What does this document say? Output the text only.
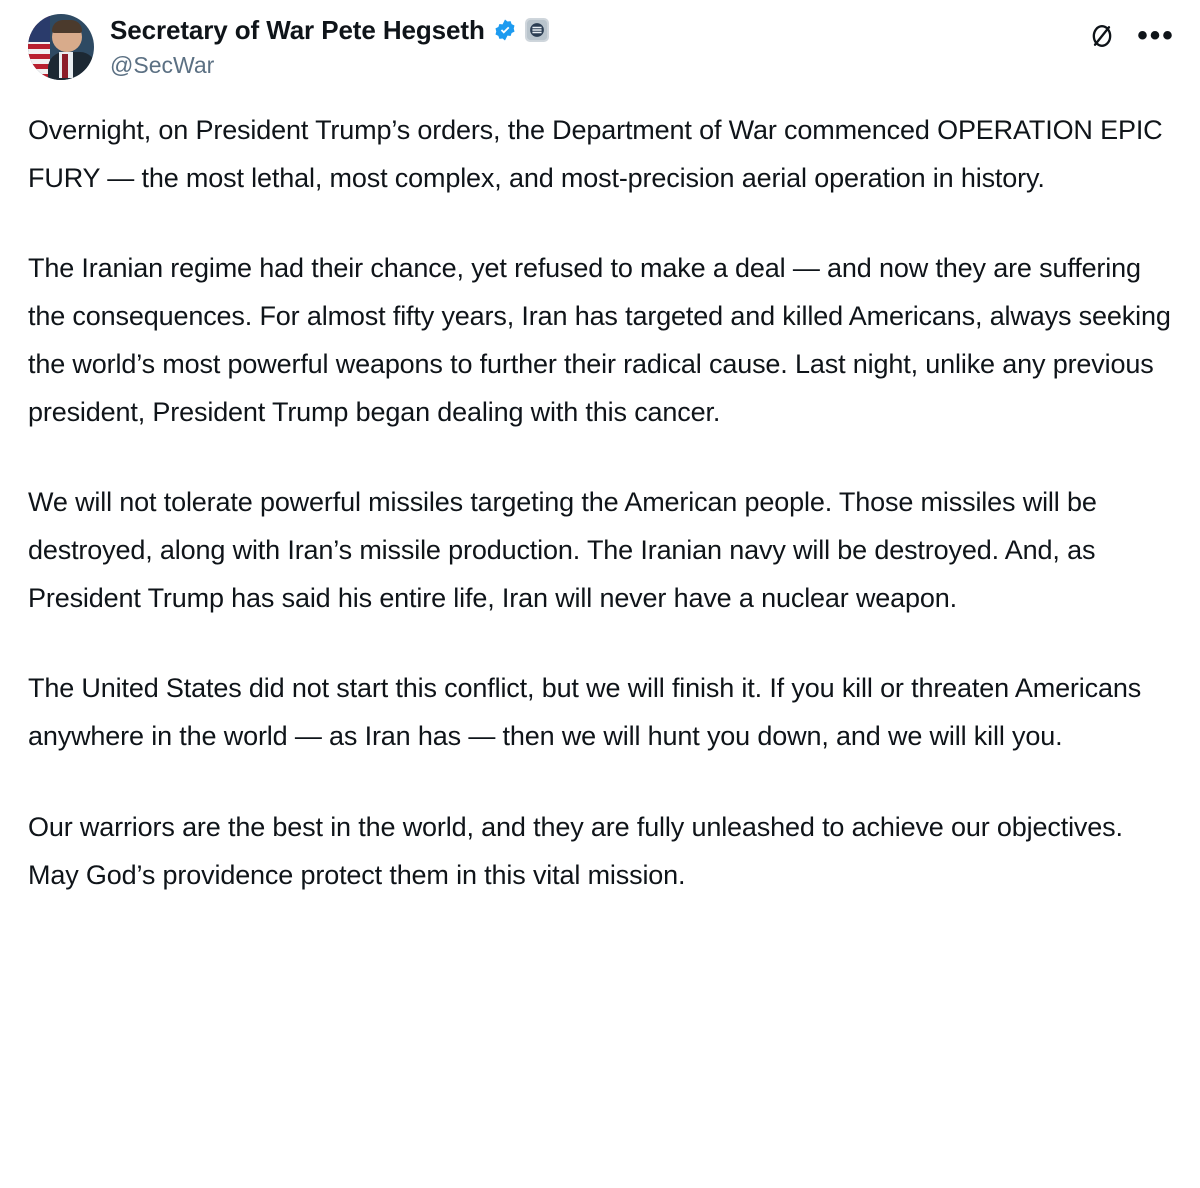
Secretary of War Pete Hegseth
@SecWar
•••

Overnight, on President Trump’s orders, the Department of War commenced OPERATION EPIC FURY — the most lethal, most complex, and most-precision aerial operation in history.

The Iranian regime had their chance, yet refused to make a deal — and now they are suffering the consequences. For almost fifty years, Iran has targeted and killed Americans, always seeking the world’s most powerful weapons to further their radical cause. Last night, unlike any previous president, President Trump began dealing with this cancer.

We will not tolerate powerful missiles targeting the American people. Those missiles will be destroyed, along with Iran’s missile production. The Iranian navy will be destroyed. And, as President Trump has said his entire life, Iran will never have a nuclear weapon.

The United States did not start this conflict, but we will finish it. If you kill or threaten Americans anywhere in the world — as Iran has — then we will hunt you down, and we will kill you.

Our warriors are the best in the world, and they are fully unleashed to achieve our objectives. May God’s providence protect them in this vital mission.
